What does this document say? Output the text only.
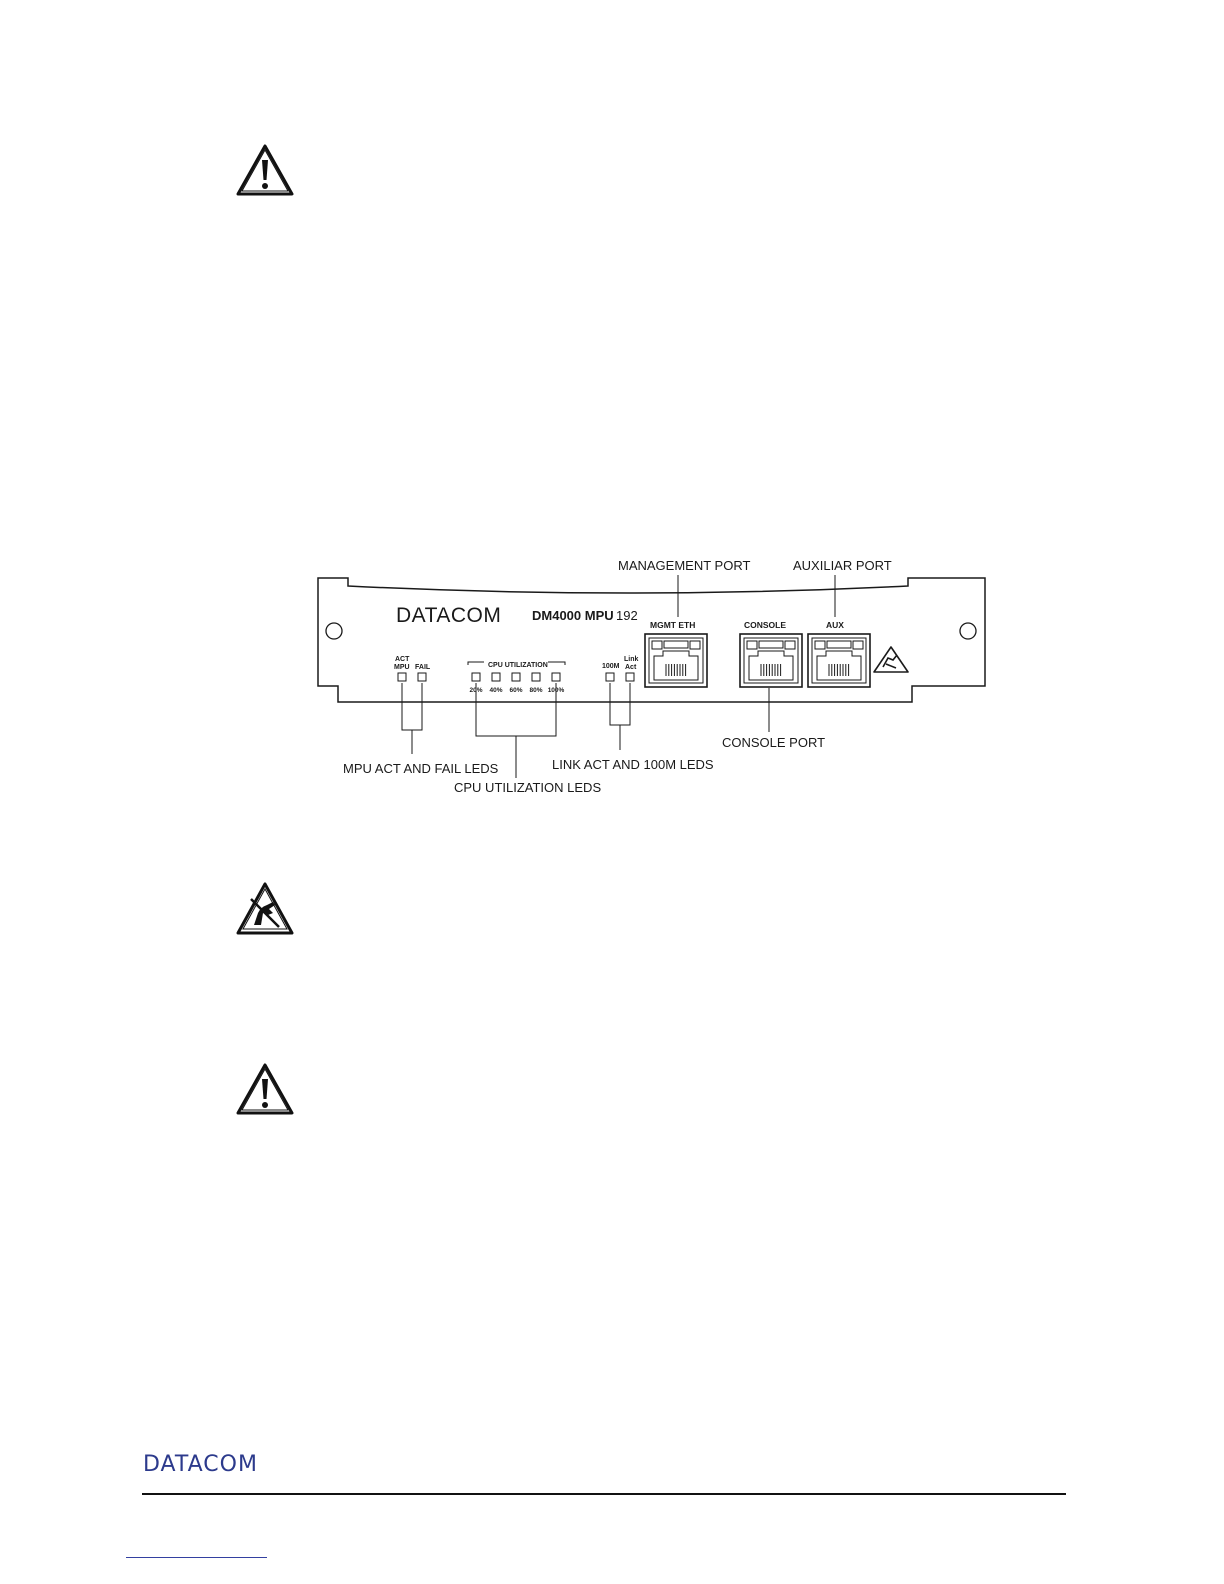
MANAGEMENT PORT	AUXILIAR PORT
DATACOM DM4000 MPU 192
ACT
MPU FAIL	CPU UTILIZATION
20% 40% 60% 80% 100%
100M
Link
Act
MGMT ETH	CONSOLE	AUX
MPU ACT AND FAIL LEDS
CPU UTILIZATION LEDS
LINK ACT AND 100M LEDS
CONSOLE PORT
DATACOM
